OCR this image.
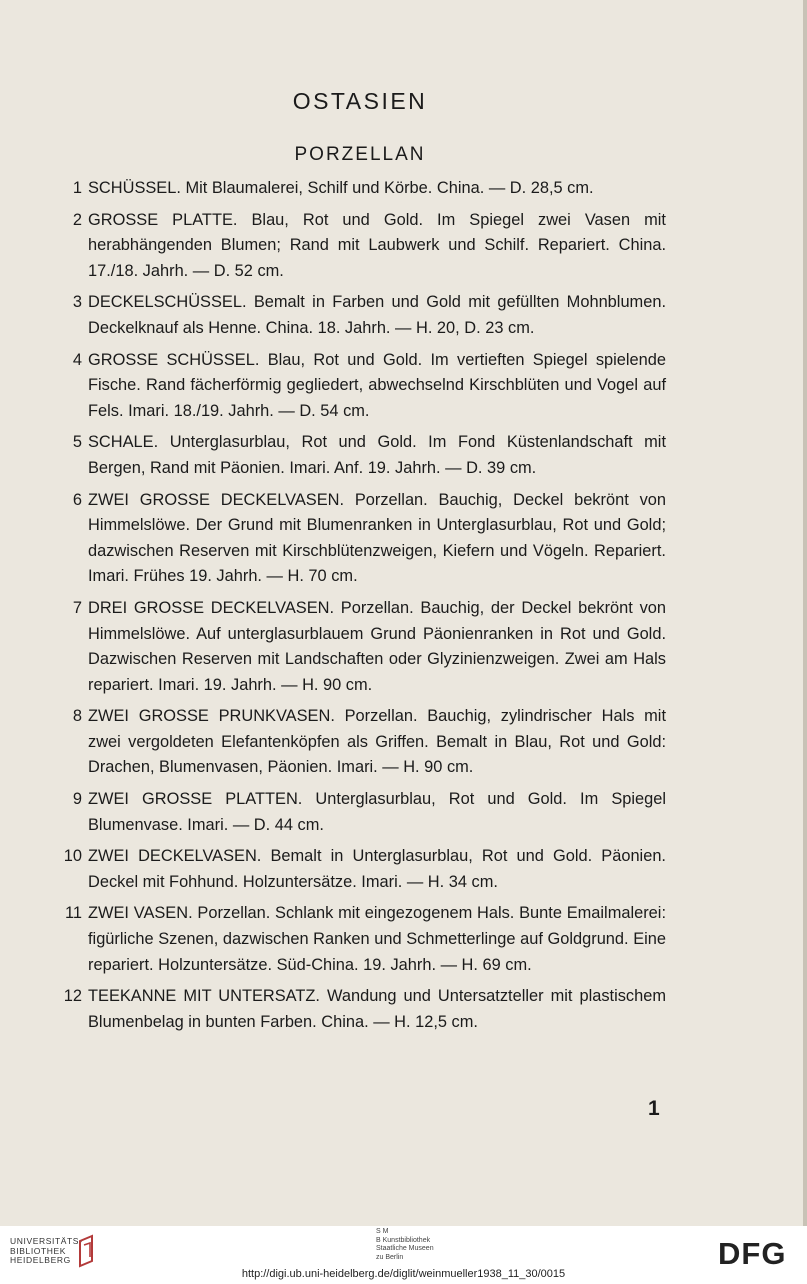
OSTASIEN
PORZELLAN
1 SCHÜSSEL. Mit Blaumalerei, Schilf und Körbe. China. — D. 28,5 cm.
2 GROSSE PLATTE. Blau, Rot und Gold. Im Spiegel zwei Vasen mit herabhängenden Blumen; Rand mit Laubwerk und Schilf. Repariert. China. 17./18. Jahrh. — D. 52 cm.
3 DECKELSCHÜSSEL. Bemalt in Farben und Gold mit gefüllten Mohnblumen. Deckelknauf als Henne. China. 18. Jahrh. — H. 20, D. 23 cm.
4 GROSSE SCHÜSSEL. Blau, Rot und Gold. Im vertieften Spiegel spielende Fische. Rand fächerförmig gegliedert, abwechselnd Kirschblüten und Vogel auf Fels. Imari. 18./19. Jahrh. — D. 54 cm.
5 SCHALE. Unterglasurblau, Rot und Gold. Im Fond Küstenlandschaft mit Bergen, Rand mit Päonien. Imari. Anf. 19. Jahrh. — D. 39 cm.
6 ZWEI GROSSE DECKELVASEN. Porzellan. Bauchig, Deckel bekrönt von Himmelslöwe. Der Grund mit Blumenranken in Unterglasurblau, Rot und Gold; dazwischen Reserven mit Kirschblütenzweigen, Kiefern und Vögeln. Repariert. Imari. Frühes 19. Jahrh. — H. 70 cm.
7 DREI GROSSE DECKELVASEN. Porzellan. Bauchig, der Deckel bekrönt von Himmelslöwe. Auf unterglasurblauem Grund Päonienranken in Rot und Gold. Dazwischen Reserven mit Landschaften oder Glyzinienzweigen. Zwei am Hals repariert. Imari. 19. Jahrh. — H. 90 cm.
8 ZWEI GROSSE PRUNKVASEN. Porzellan. Bauchig, zylindrischer Hals mit zwei vergoldeten Elefantenköpfen als Griffen. Bemalt in Blau, Rot und Gold: Drachen, Blumenvasen, Päonien. Imari. — H. 90 cm.
9 ZWEI GROSSE PLATTEN. Unterglasurblau, Rot und Gold. Im Spiegel Blumenvase. Imari. — D. 44 cm.
10 ZWEI DECKELVASEN. Bemalt in Unterglasurblau, Rot und Gold. Päonien. Deckel mit Fohhund. Holzuntersätze. Imari. — H. 34 cm.
11 ZWEI VASEN. Porzellan. Schlank mit eingezogenem Hals. Bunte Emailmalerei: figürliche Szenen, dazwischen Ranken und Schmetterlinge auf Goldgrund. Eine repariert. Holzuntersätze. Süd-China. 19. Jahrh. — H. 69 cm.
12 TEEKANNE MIT UNTERSATZ. Wandung und Untersatzteller mit plastischem Blumenbelag in bunten Farben. China. — H. 12,5 cm.
1
UNIVERSITÄTS-
BIBLIOTHEK
HEIDELBERG
S M
B Kunstbibliothek
Staatliche Museen
zu Berlin	DFG
http://digi.ub.uni-heidelberg.de/diglit/weinmueller1938_11_30/0015
